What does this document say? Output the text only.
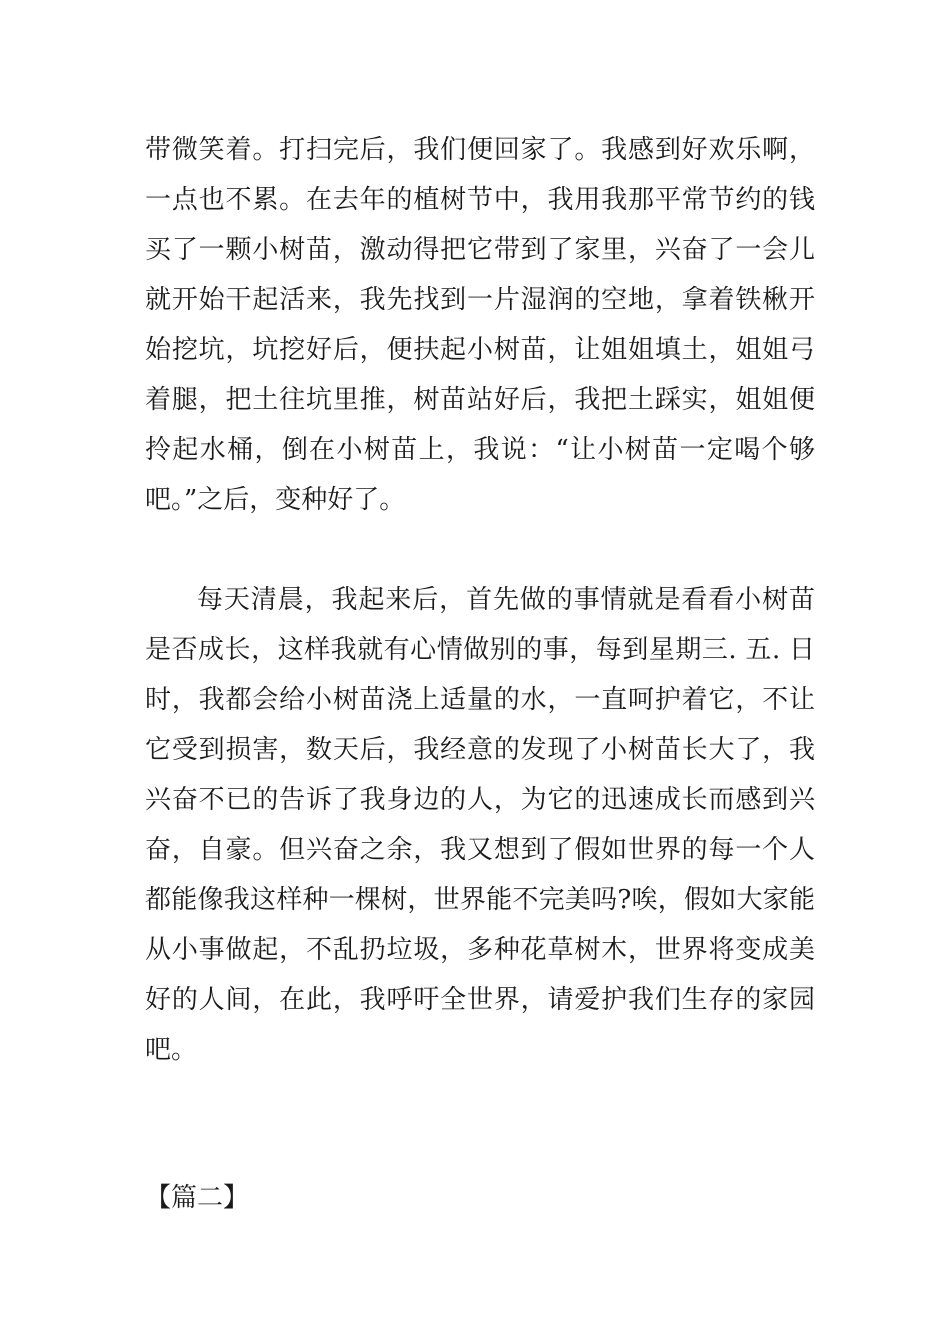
带微笑着。打扫完后，我们便回家了。我感到好欢乐啊，
一点也不累。在去年的植树节中，我用我那平常节约的钱
买了一颗小树苗，激动得把它带到了家里，兴奋了一会儿
就开始干起活来，我先找到一片湿润的空地，拿着铁楸开
始挖坑，坑挖好后，便扶起小树苗，让姐姐填土，姐姐弓
着腿，把土往坑里推，树苗站好后，我把土踩实，姐姐便
拎起水桶，倒在小树苗上，我说：“让小树苗一定喝个够
吧。”之后，变种好了。
每天清晨，我起来后，首先做的事情就是看看小树苗
是否成长，这样我就有心情做别的事，每到星期三. 五. 日
时，我都会给小树苗浇上适量的水，一直呵护着它，不让
它受到损害，数天后，我经意的发现了小树苗长大了，我
兴奋不已的告诉了我身边的人，为它的迅速成长而感到兴
奋，自豪。但兴奋之余，我又想到了假如世界的每一个人
都能像我这样种一棵树，世界能不完美吗?唉，假如大家能
从小事做起，不乱扔垃圾，多种花草树木，世界将变成美
好的人间，在此，我呼吁全世界，请爱护我们生存的家园
吧。
【篇二】
